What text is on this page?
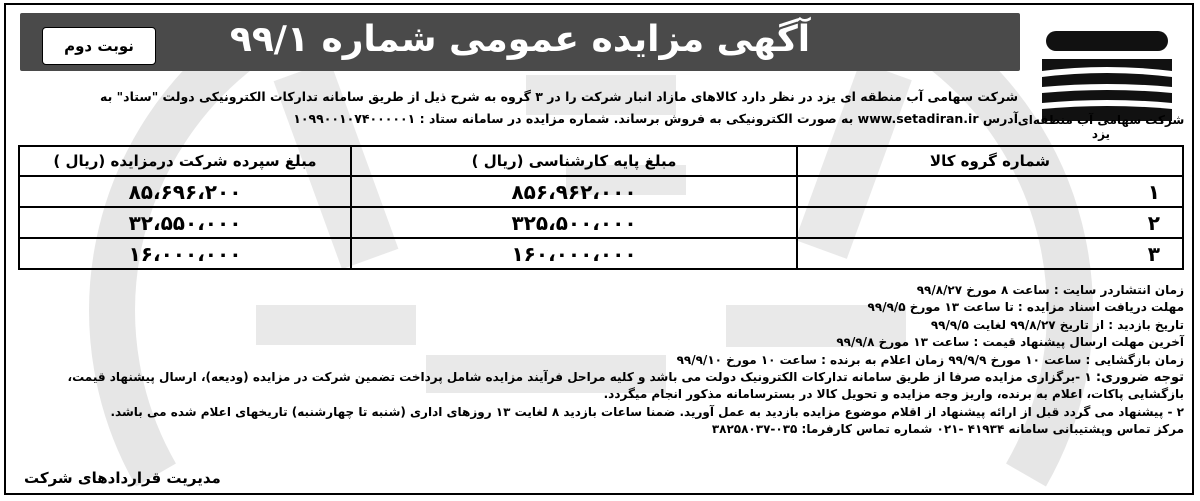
شرکت سهامی آب منطقه‌ای یزد
آگهی مزایده عمومی شماره ۹۹/۱
نوبت دوم
شرکت سهامی آب منطقه ای یزد در نظر دارد کالاهای مازاد انبار شرکت را در ۳ گروه به شرح ذیل از طریق سامانه تدارکات الکترونیکی دولت "ستاد" به
آدرس www.setadiran.ir به صورت الکترونیکی به فروش برساند. شماره مزایده در سامانه ستاد : ۱۰۹۹۰۰۱۰۷۴۰۰۰۰۰۱
شماره گروه کالا	مبلغ پایه کارشناسی (ریال )	مبلغ سپرده شرکت درمزایده (ریال )
۱	۸۵۶،۹۶۲،۰۰۰	۸۵،۶۹۶،۲۰۰
۲	۳۲۵،۵۰۰،۰۰۰	۳۲،۵۵۰،۰۰۰
۳	۱۶۰،۰۰۰،۰۰۰	۱۶،۰۰۰،۰۰۰
زمان انتشاردر سایت : ساعت ۸ مورخ ۹۹/۸/۲۷
مهلت دریافت اسناد مزایده : تا ساعت ۱۳ مورخ ۹۹/۹/۵
تاریخ بازدید : از تاریخ ۹۹/۸/۲۷ لغایت ۹۹/۹/۵
آخرین مهلت ارسال پیشنهاد قیمت : ساعت ۱۳ مورخ ۹۹/۹/۸
زمان بازگشایی : ساعت ۱۰ مورخ ۹۹/۹/۹ زمان اعلام به برنده : ساعت ۱۰ مورخ ۹۹/۹/۱۰
توجه ضروری: ۱ -برگزاری مزایده صرفا از طریق سامانه تدارکات الکترونیک دولت می باشد و کلیه مراحل فرآیند مزایده شامل پرداخت تضمین شرکت در مزایده (ودیعه)، ارسال پیشنهاد قیمت، بازگشایی پاکات، اعلام به برنده، واریز وجه مزایده و تحویل کالا در بسترسامانه مذکور انجام میگردد.
۲ - پیشنهاد می گردد قبل از ارائه پیشنهاد از اقلام موضوع مزایده بازدید به عمل آورید. ضمنا ساعات بازدید ۸ لغایت ۱۳ روزهای اداری (شنبه تا چهارشنبه) تاریخهای اعلام شده می باشد.
مرکز تماس وپشتیبانی سامانه ۴۱۹۳۴ -۰۲۱ شماره تماس کارفرما: ۰۳۵-۳۸۲۵۸۰۳۷
مدیریت قراردادهای شرکت
